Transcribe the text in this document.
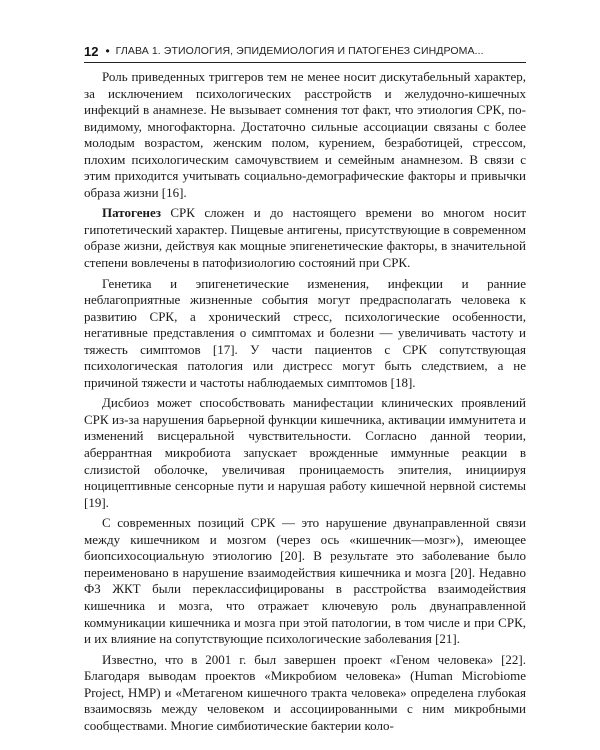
12 • ГЛАВА 1. ЭТИОЛОГИЯ, ЭПИДЕМИОЛОГИЯ И ПАТОГЕНЕЗ СИНДРОМА...

Роль приведенных триггеров тем не менее носит дискутабельный характер, за исключением психологических расстройств и желудочно-кишечных инфекций в анамнезе. Не вызывает сомнения тот факт, что этиология СРК, по-видимому, многофакторна. Достаточно сильные ассоциации связаны с более молодым возрастом, женским полом, курением, безработицей, стрессом, плохим психологическим самочувствием и семейным анамнезом. В связи с этим приходится учитывать социально-демографические факторы и привычки образа жизни [16].

Патогенез СРК сложен и до настоящего времени во многом носит гипотетический характер. Пищевые антигены, присутствующие в современном образе жизни, действуя как мощные эпигенетические факторы, в значительной степени вовлечены в патофизиологию состояний при СРК.

Генетика и эпигенетические изменения, инфекции и ранние неблагоприятные жизненные события могут предрасполагать человека к развитию СРК, а хронический стресс, психологические особенности, негативные представления о симптомах и болезни — увеличивать частоту и тяжесть симптомов [17]. У части пациентов с СРК сопутствующая психологическая патология или дистресс могут быть следствием, а не причиной тяжести и частоты наблюдаемых симптомов [18].

Дисбиоз может способствовать манифестации клинических проявлений СРК из-за нарушения барьерной функции кишечника, активации иммунитета и изменений висцеральной чувствительности. Согласно данной теории, аберрантная микробиота запускает врожденные иммунные реакции в слизистой оболочке, увеличивая проницаемость эпителия, инициируя ноцицептивные сенсорные пути и нарушая работу кишечной нервной системы [19].

С современных позиций СРК — это нарушение двунаправленной связи между кишечником и мозгом (через ось «кишечник—мозг»), имеющее биопсихосоциальную этиологию [20]. В результате это заболевание было переименовано в нарушение взаимодействия кишечника и мозга [20]. Недавно ФЗ ЖКТ были переклассифицированы в расстройства взаимодействия кишечника и мозга, что отражает ключевую роль двунаправленной коммуникации кишечника и мозга при этой патологии, в том числе и при СРК, и их влияние на сопутствующие психологические заболевания [21].

Известно, что в 2001 г. был завершен проект «Геном человека» [22]. Благодаря выводам проектов «Микробиом человека» (Human Microbiome Project, HMP) и «Метагеном кишечного тракта человека» определена глубокая взаимосвязь между человеком и ассоциированными с ним микробными сообществами. Многие симбиотические бактерии коло-
